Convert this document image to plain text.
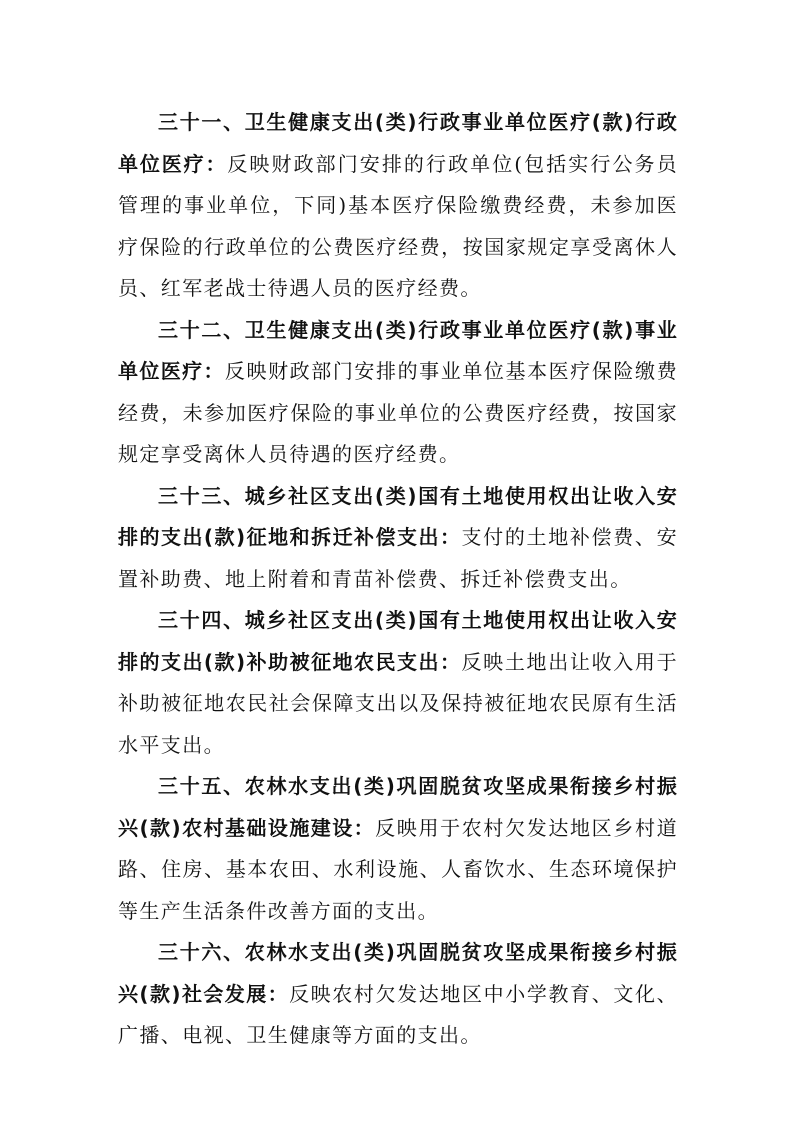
三十一、卫生健康支出(类)行政事业单位医疗(款)行政单位医疗：反映财政部门安排的行政单位(包括实行公务员管理的事业单位，下同)基本医疗保险缴费经费，未参加医疗保险的行政单位的公费医疗经费，按国家规定享受离休人员、红军老战士待遇人员的医疗经费。

三十二、卫生健康支出(类)行政事业单位医疗(款)事业单位医疗：反映财政部门安排的事业单位基本医疗保险缴费经费，未参加医疗保险的事业单位的公费医疗经费，按国家规定享受离休人员待遇的医疗经费。

三十三、城乡社区支出(类)国有土地使用权出让收入安排的支出(款)征地和拆迁补偿支出：支付的土地补偿费、安置补助费、地上附着和青苗补偿费、拆迁补偿费支出。

三十四、城乡社区支出(类)国有土地使用权出让收入安排的支出(款)补助被征地农民支出：反映土地出让收入用于补助被征地农民社会保障支出以及保持被征地农民原有生活水平支出。

三十五、农林水支出(类)巩固脱贫攻坚成果衔接乡村振兴(款)农村基础设施建设：反映用于农村欠发达地区乡村道路、住房、基本农田、水利设施、人畜饮水、生态环境保护等生产生活条件改善方面的支出。

三十六、农林水支出(类)巩固脱贫攻坚成果衔接乡村振兴(款)社会发展：反映农村欠发达地区中小学教育、文化、广播、电视、卫生健康等方面的支出。
